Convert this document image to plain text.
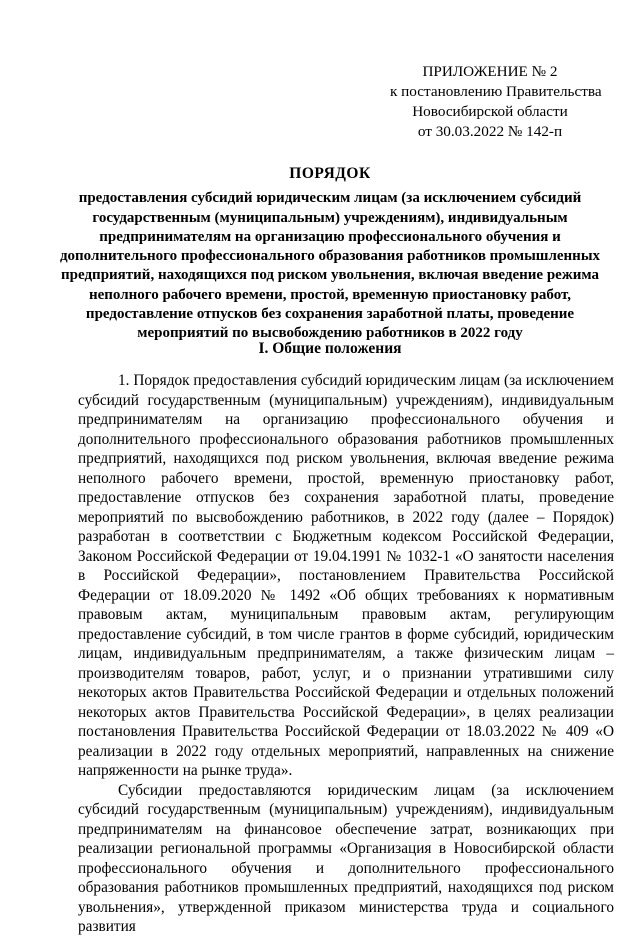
ПРИЛОЖЕНИЕ № 2
к постановлению Правительства
Новосибирской области
от 30.03.2022 № 142-п
ПОРЯДОК
предоставления субсидий юридическим лицам (за исключением субсидий государственным (муниципальным) учреждениям), индивидуальным предпринимателям на организацию профессионального обучения и дополнительного профессионального образования работников промышленных предприятий, находящихся под риском увольнения, включая введение режима неполного рабочего времени, простой, временную приостановку работ, предоставление отпусков без сохранения заработной платы, проведение мероприятий по высвобождению работников в 2022 году
I. Общие положения

1. Порядок предоставления субсидий юридическим лицам (за исключением субсидий государственным (муниципальным) учреждениям), индивидуальным предпринимателям на организацию профессионального обучения и дополнительного профессионального образования работников промышленных предприятий, находящихся под риском увольнения, включая введение режима неполного рабочего времени, простой, временную приостановку работ, предоставление отпусков без сохранения заработной платы, проведение мероприятий по высвобождению работников, в 2022 году (далее – Порядок) разработан в соответствии с Бюджетным кодексом Российской Федерации, Законом Российской Федерации от 19.04.1991 № 1032-1 «О занятости населения в Российской Федерации», постановлением Правительства Российской Федерации от 18.09.2020 № 1492 «Об общих требованиях к нормативным правовым актам, муниципальным правовым актам, регулирующим предоставление субсидий, в том числе грантов в форме субсидий, юридическим лицам, индивидуальным предпринимателям, а также физическим лицам – производителям товаров, работ, услуг, и о признании утратившими силу некоторых актов Правительства Российской Федерации и отдельных положений некоторых актов Правительства Российской Федерации», в целях реализации постановления Правительства Российской Федерации от 18.03.2022 № 409 «О реализации в 2022 году отдельных мероприятий, направленных на снижение напряженности на рынке труда».

Субсидии предоставляются юридическим лицам (за исключением субсидий государственным (муниципальным) учреждениям), индивидуальным предпринимателям на финансовое обеспечение затрат, возникающих при реализации региональной программы «Организация в Новосибирской области профессионального обучения и дополнительного профессионального образования работников промышленных предприятий, находящихся под риском увольнения», утвержденной приказом министерства труда и социального развития
